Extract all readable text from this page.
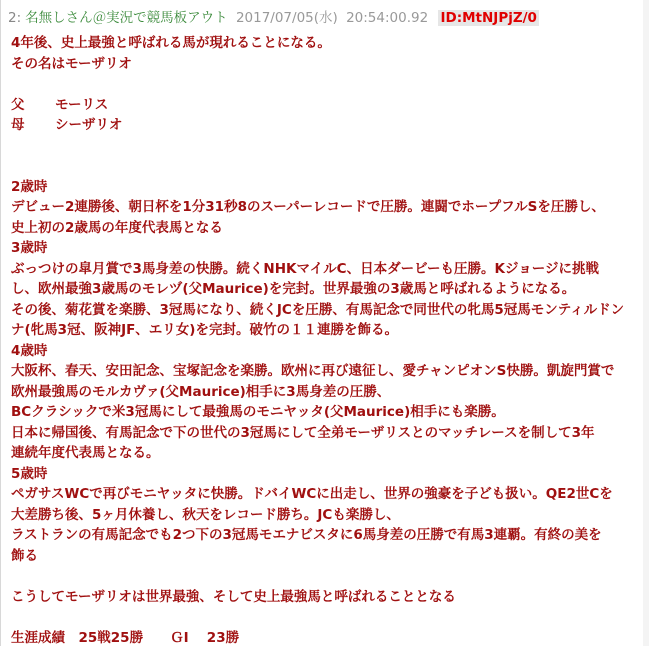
2: 名無しさん＠実況で競馬板アウト 2017/07/05(水) 20:54:00.92 ID:MtNJPjZ/0
4年後、史上最強と呼ばれる馬が現れることになる。
その名はモーザリオ
父 モーリス
母 シーザリオ
2歳時
デビュー2連勝後、朝日杯を1分31秒8のスーパーレコードで圧勝。連闘でホープフルSを圧勝し、
史上初の2歳馬の年度代表馬となる
3歳時
ぶっつけの皐月賞で3馬身差の快勝。続くNHKマイルC、日本ダービーも圧勝。Kジョージに挑戦
し、欧州最強3歳馬のモレヅ(父Maurice)を完封。世界最強の3歳馬と呼ばれるようになる。
その後、菊花賞を楽勝、3冠馬になり、続くJCを圧勝、有馬記念で同世代の牝馬5冠馬モンティルドン
ナ(牝馬3冠、阪神JF、エリ女)を完封。破竹の１１連勝を飾る。
4歳時
大阪杯、春天、安田記念、宝塚記念を楽勝。欧州に再び遠征し、愛チャンピオンS快勝。凱旋門賞で
欧州最強馬のモルカヴァ(父Maurice)相手に3馬身差の圧勝、
BCクラシックで米3冠馬にして最強馬のモニヤッタ(父Maurice)相手にも楽勝。
日本に帰国後、有馬記念で下の世代の3冠馬にして全弟モーザリスとのマッチレースを制して3年
連続年度代表馬となる。
5歳時
ペガサスWCで再びモニヤッタに快勝。ドバイWCに出走し、世界の強豪を子ども扱い。QE2世Cを
大差勝ち後、5ヶ月休養し、秋天をレコード勝ち。JCも楽勝し、
ラストランの有馬記念でも2つ下の3冠馬モエナビスタに6馬身差の圧勝で有馬3連覇。有終の美を
飾る
こうしてモーザリオは世界最強、そして史上最強馬と呼ばれることとなる
生涯成績　25戦25勝　　ＧⅠ　 23勝
